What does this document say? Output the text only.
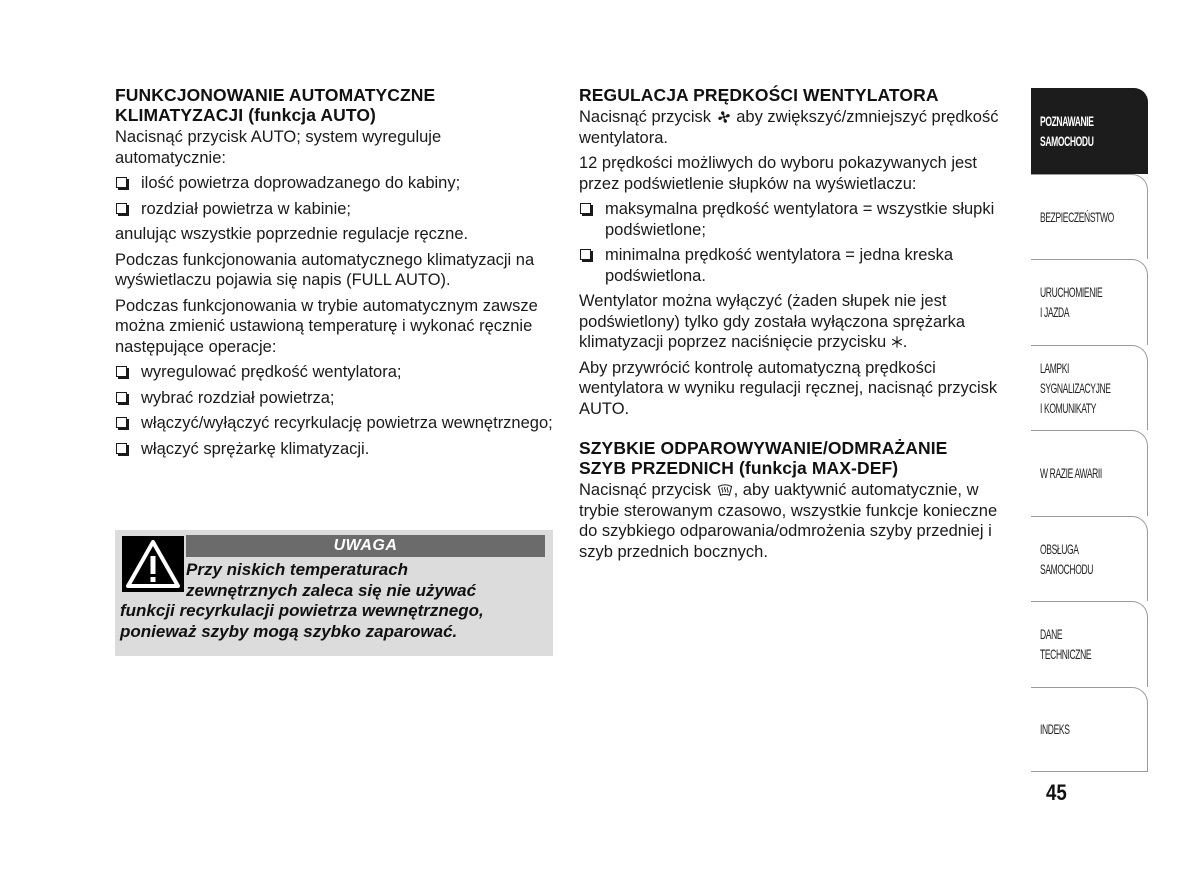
FUNKCJONOWANIE AUTOMATYCZNE
KLIMATYZACJI (funkcja AUTO)

Nacisnąć przycisk AUTO; system wyreguluje automatycznie:

ilość powietrza doprowadzanego do kabiny;
rozdział powietrza w kabinie;

anulując wszystkie poprzednie regulacje ręczne.

Podczas funkcjonowania automatycznego klimatyzacji na wyświetlaczu pojawia się napis (FULL AUTO).

Podczas funkcjonowania w trybie automatycznym zawsze można zmienić ustawioną temperaturę i wykonać ręcznie następujące operacje:

wyregulować prędkość wentylatora;
wybrać rozdział powietrza;
włączyć/wyłączyć recyrkulację powietrza wewnętrznego;
włączyć sprężarkę klimatyzacji.
UWAGA
Przy niskich temperaturach
zewnętrznych zaleca się nie używać
funkcji recyrkulacji powietrza wewnętrznego,
ponieważ szyby mogą szybko zaparować.
REGULACJA PRĘDKOŚCI WENTYLATORA

Nacisnąć przycisk aby zwiększyć/zmniejszyć prędkość wentylatora.

12 prędkości możliwych do wyboru pokazywanych jest przez podświetlenie słupków na wyświetlaczu:

maksymalna prędkość wentylatora = wszystkie słupki podświetlone;
minimalna prędkość wentylatora = jedna kreska podświetlona.

Wentylator można wyłączyć (żaden słupek nie jest podświetlony) tylko gdy została wyłączona sprężarka klimatyzacji poprzez naciśnięcie przycisku .

Aby przywrócić kontrolę automatyczną prędkości wentylatora w wyniku regulacji ręcznej, nacisnąć przycisk AUTO.

SZYBKIE ODPAROWYWANIE/ODMRAŻANIE
SZYB PRZEDNICH (funkcja MAX-DEF)

Nacisnąć przycisk , aby uaktywnić automatycznie, w trybie sterowanym czasowo, wszystkie funkcje konieczne do szybkiego odparowania/odmrożenia szyby przedniej i szyb przednich bocznych.

POZNAWANIE
SAMOCHODU
BEZPIECZEŃSTWO
URUCHOMIENIE
I JAZDA
LAMPKI
SYGNALIZACYJNE
I KOMUNIKATY
W RAZIE AWARII
OBSŁUGA
SAMOCHODU
DANE
TECHNICZNE
INDEKS
45
